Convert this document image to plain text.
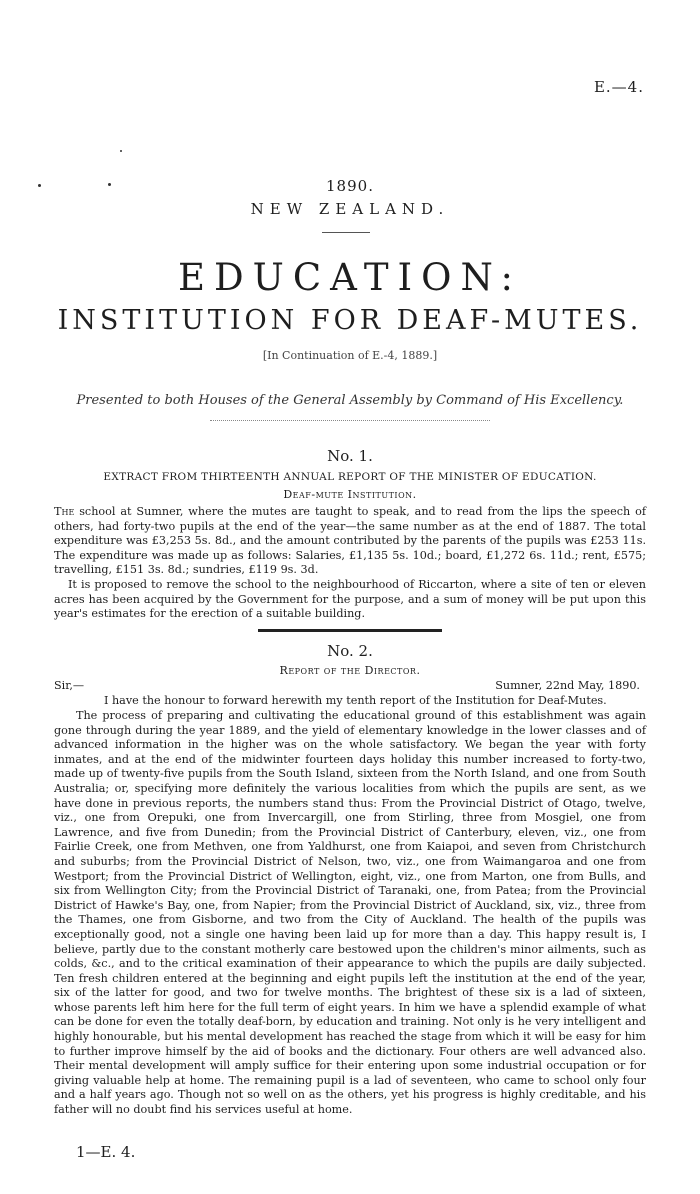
E.—4.
1890.
NEW ZEALAND.
EDUCATION:
INSTITUTION FOR DEAF-MUTES.
[In Continuation of E.-4, 1889.]
Presented to both Houses of the General Assembly by Command of His Excellency.
No. 1.
EXTRACT FROM THIRTEENTH ANNUAL REPORT OF THE MINISTER OF EDUCATION.
Deaf-mute Institution.

The school at Sumner, where the mutes are taught to speak, and to read from the lips the speech of others, had forty-two pupils at the end of the year—the same number as at the end of 1887. The total expenditure was £3,253 5s. 8d., and the amount contributed by the parents of the pupils was £253 11s. The expenditure was made up as follows: Salaries, £1,135 5s. 10d.; board, £1,272 6s. 11d.; rent, £575; travelling, £151 3s. 8d.; sundries, £119 9s. 3d.

It is proposed to remove the school to the neighbourhood of Riccarton, where a site of ten or eleven acres has been acquired by the Government for the purpose, and a sum of money will be put upon this year's estimates for the erection of a suitable building.

No. 2.
Report of the Director.
Sir,—	Sumner, 22nd May, 1890.

I have the honour to forward herewith my tenth report of the Institution for Deaf-Mutes.

The process of preparing and cultivating the educational ground of this establishment was again gone through during the year 1889, and the yield of elementary knowledge in the lower classes and of advanced information in the higher was on the whole satisfactory. We began the year with forty inmates, and at the end of the midwinter fourteen days holiday this number increased to forty-two, made up of twenty-five pupils from the South Island, sixteen from the North Island, and one from South Australia; or, specifying more definitely the various localities from which the pupils are sent, as we have done in previous reports, the numbers stand thus: From the Provincial District of Otago, twelve, viz., one from Orepuki, one from Invercargill, one from Stirling, three from Mosgiel, one from Lawrence, and five from Dunedin; from the Provincial District of Canterbury, eleven, viz., one from Fairlie Creek, one from Methven, one from Yaldhurst, one from Kaiapoi, and seven from Christchurch and suburbs; from the Provincial District of Nelson, two, viz., one from Waimangaroa and one from Westport; from the Provincial District of Wellington, eight, viz., one from Marton, one from Bulls, and six from Wellington City; from the Provincial District of Taranaki, one, from Patea; from the Provincial District of Hawke's Bay, one, from Napier; from the Provincial District of Auckland, six, viz., three from the Thames, one from Gisborne, and two from the City of Auckland. The health of the pupils was exceptionally good, not a single one having been laid up for more than a day. This happy result is, I believe, partly due to the constant motherly care bestowed upon the children's minor ailments, such as colds, &c., and to the critical examination of their appearance to which the pupils are daily subjected. Ten fresh children entered at the beginning and eight pupils left the institution at the end of the year, six of the latter for good, and two for twelve months. The brightest of these six is a lad of sixteen, whose parents left him here for the full term of eight years. In him we have a splendid example of what can be done for even the totally deaf-born, by education and training. Not only is he very intelligent and highly honourable, but his mental development has reached the stage from which it will be easy for him to further improve himself by the aid of books and the dictionary. Four others are well advanced also. Their mental development will amply suffice for their entering upon some industrial occupation or for giving valuable help at home. The remaining pupil is a lad of seventeen, who came to school only four and a half years ago. Though not so well on as the others, yet his progress is highly creditable, and his father will no doubt find his services useful at home.

1—E. 4.
